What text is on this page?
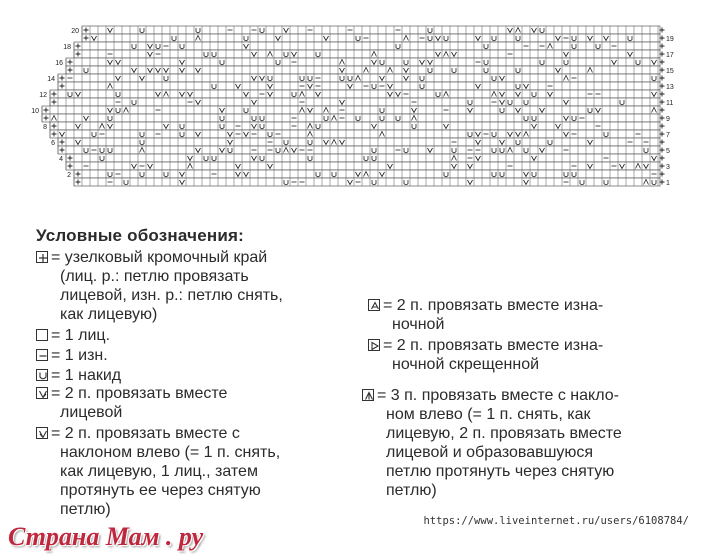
20
19
18
17
16
15
14
13
12
11
10
9
8
7
6
5
4
3
2
1
Условные обозначения:
= узелковый кромочный край
(лиц. р.: петлю провязать
лицевой, изн. р.: петлю снять,
как лицевую)
= 1 лиц.
= 1 изн.
= 1 накид
= 2 п. провязать вместе
лицевой
= 2 п. провязать вместе с
наклоном влево (= 1 п. снять,
как лицевую, 1 лиц., затем
протянуть ее через снятую
петлю)
= 2 п. провязать вместе изна-
ночной
= 2 п. провязать вместе изна-
ночной скрещенной
= 3 п. провязать вместе с накло-
ном влево (= 1 п. снять, как
лицевую, 2 п. провязать вместе
лицевой и образовавшуюся
петлю протянуть через снятую
петлю)
https://www.liveinternet.ru/users/6108784/
Страна Мам . ру
